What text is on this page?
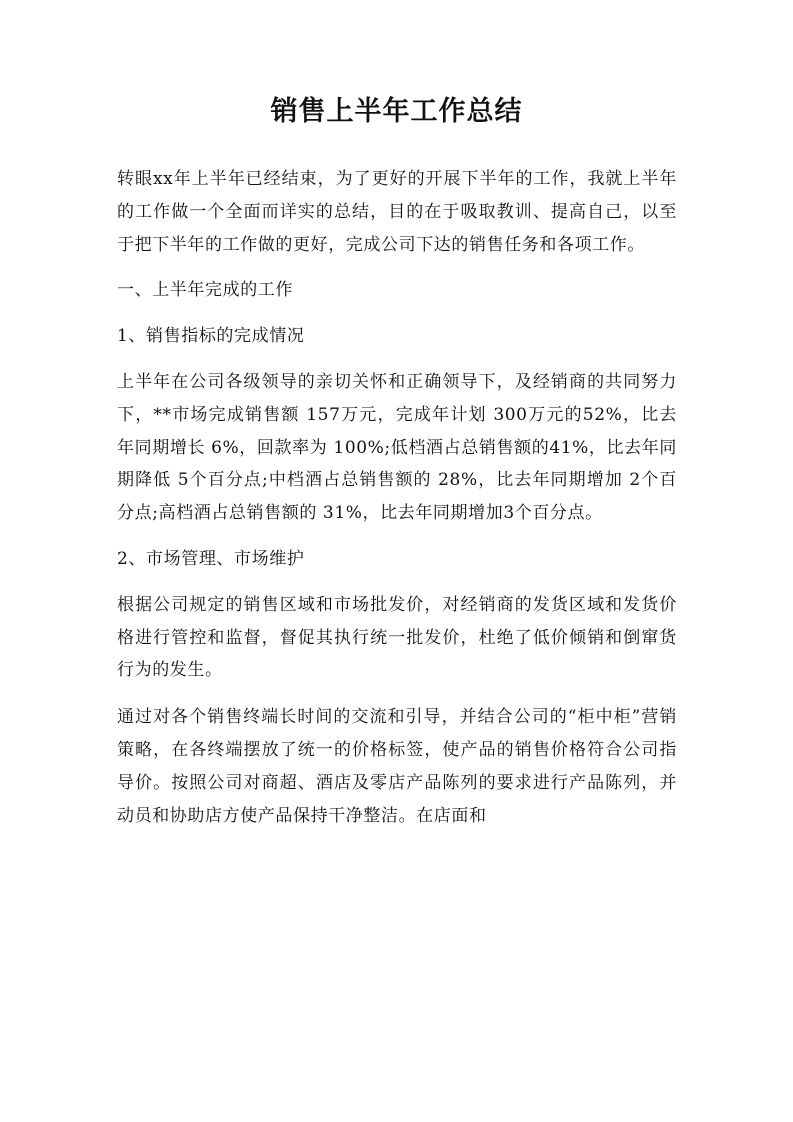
销售上半年工作总结

转眼xx年上半年已经结束，为了更好的开展下半年的工作，我就上半年的工作做一个全面而详实的总结，目的在于吸取教训、提高自己，以至于把下半年的工作做的更好，完成公司下达的销售任务和各项工作。

一、上半年完成的工作

1、销售指标的完成情况

上半年在公司各级领导的亲切关怀和正确领导下，及经销商的共同努力下，**市场完成销售额 157万元，完成年计划 300万元的52%，比去年同期增长 6%，回款率为 100%;低档酒占总销售额的41%，比去年同期降低 5个百分点;中档酒占总销售额的 28%，比去年同期增加 2个百分点;高档酒占总销售额的 31%，比去年同期增加3个百分点。

2、市场管理、市场维护

根据公司规定的销售区域和市场批发价，对经销商的发货区域和发货价格进行管控和监督，督促其执行统一批发价，杜绝了低价倾销和倒窜货行为的发生。

通过对各个销售终端长时间的交流和引导，并结合公司的“柜中柜”营销策略，在各终端摆放了统一的价格标签，使产品的销售价格符合公司指导价。按照公司对商超、酒店及零店产品陈列的要求进行产品陈列，并动员和协助店方使产品保持干净整洁。在店面和
